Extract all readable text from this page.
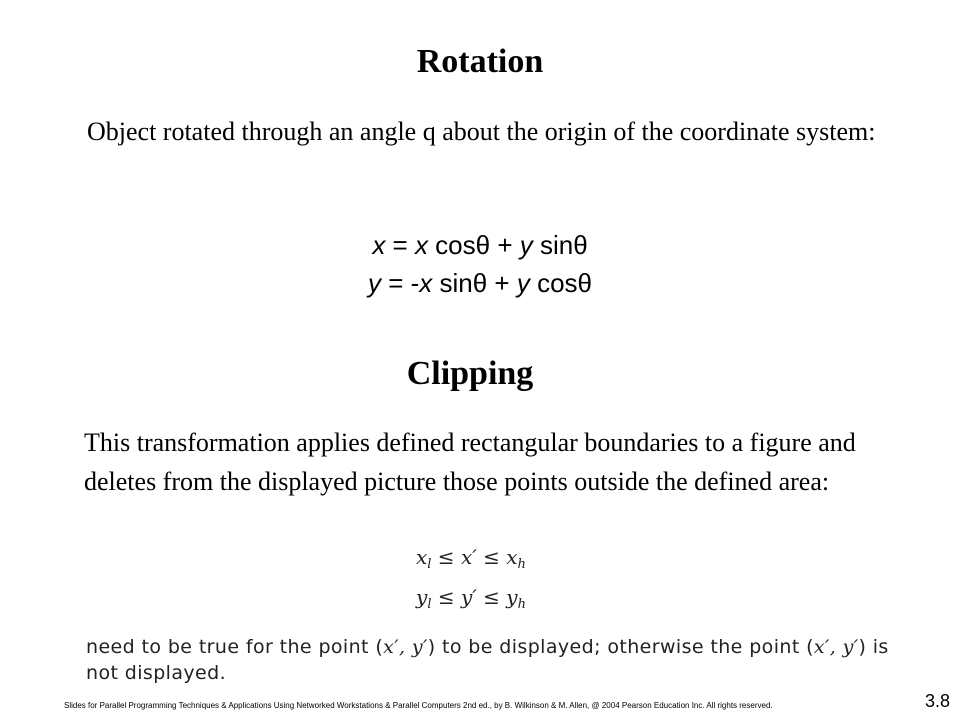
Rotation
Object rotated through an angle q about the origin of the coordinate system:
x = x cosθ + y sinθ
y = -x sinθ + y cosθ
Clipping
This transformation applies defined rectangular boundaries to a figure and deletes from the displayed picture those points outside the defined area:
$x_l \le x' \le x_h$
$y_l \le y' \le y_h$
need to be true for the point (x′, y′) to be displayed; otherwise the point (x′, y′) is not displayed.
Slides for Parallel Programming Techniques & Applications Using Networked Workstations & Parallel Computers 2nd ed., by B. Wilkinson & M. Allen, @ 2004 Pearson Education Inc. All rights reserved.	3.8
